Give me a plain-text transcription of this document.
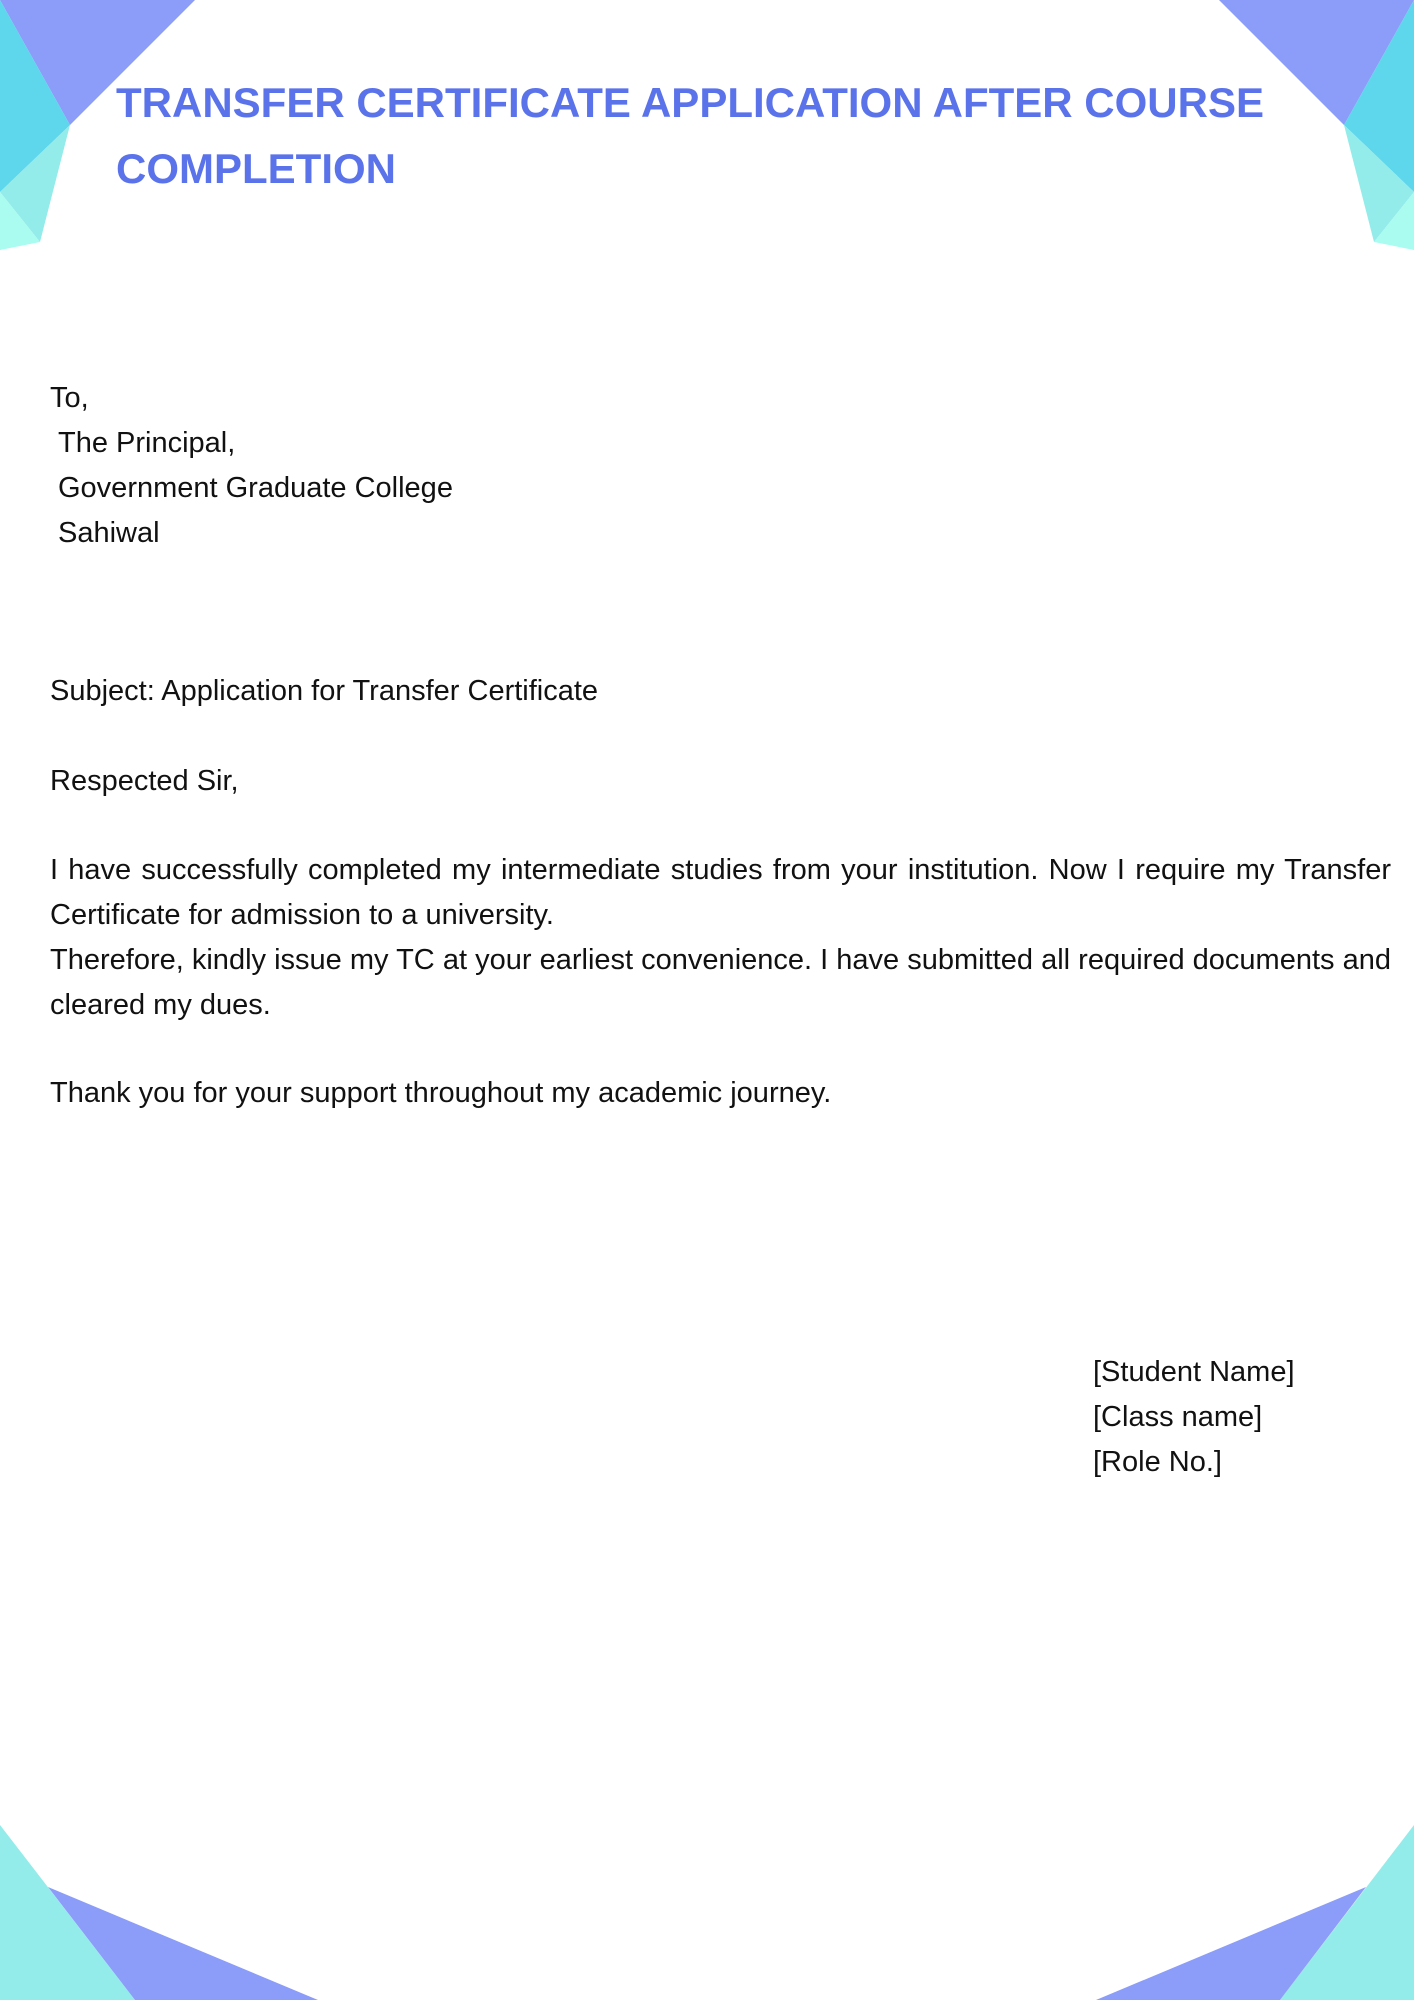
TRANSFER CERTIFICATE APPLICATION AFTER COURSE COMPLETION
To,
The Principal,
Government Graduate College
Sahiwal
Subject: Application for Transfer Certificate
Respected Sir,

I have successfully completed my intermediate studies from your institution. Now I require my Transfer Certificate for admission to a university.

Therefore, kindly issue my TC at your earliest convenience. I have submitted all required documents and cleared my dues.

Thank you for your support throughout my academic journey.
[Student Name]
[Class name]
[Role No.]
